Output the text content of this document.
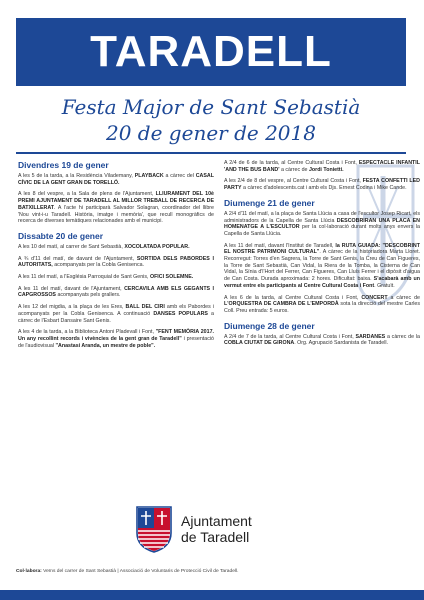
TARADELL
Festa Major de Sant Sebastià
20 de gener de 2018
Divendres 19 de gener
A les 5 de la tarda, a la Residència Vilademany, PLAYBACK a càrrec del CASAL CÍVIC DE LA GENT GRAN DE TORELLÓ.
A les 8 del vespre, a la Sala de plens de l'Ajuntament, LLIURAMENT DEL 10è PREMI AJUNTAMENT DE TARADELL AL MILLOR TREBALL DE RECERCA DE BATXILLERAT. A l'acte hi participarà Salvador Solagran, coordinador del llibre 'Nou vint-i-u Taradell. Història, imatge i memòria', que recull monogràfics de recerca de diverses temàtiques relacionades amb el municipi.
Dissabte 20 de gener
A les 10 del matí, al carrer de Sant Sebastià, XOCOLATADA POPULAR.
A ¾ d'11 del matí, de davant de l'Ajuntament, SORTIDA DELS PABORDES I AUTORITATS, acompanyats per la Cobla Genisenca.
A les 11 del matí, a l'Església Parroquial de Sant Genis, OFICI SOLEMNE.
A les 11 del matí, davant de l'Ajuntament, CERCAVILA AMB ELS GEGANTS I CAPGROSSOS acompanyats pels grallers.
A les 12 del migdia, a la plaça de les Eres, BALL DEL CIRI amb els Pabordes i acompanyats per la Cobla Genisenca. A continuació DANSES POPULARS a càrrec de l'Esbart Dansaire Sant Genis.
A les 4 de la tarda, a la Biblioteca Antoni Pladevall i Font, "FENT MEMÒRIA 2017. Un any recollint records i vivències de la gent gran de Taradell" i presentació de l'audiovisual "Anastasi Aranda, un mestre de poble".
A 2/4 de 6 de la tarda, al Centre Cultural Costa i Font, ESPECTACLE INFANTIL 'AND THE BUS BAND' a càrrec de Jordi Tonietti.
A les 2/4 de 8 del vespre, al Centre Cultural Costa i Font, FESTA CONFETTI LED PARTY a càrrec d'adolescents.cat i amb els Djs. Ernest Codina i Mike Cande.
Diumenge 21 de gener
A 2/4 d'11 del matí, a la plaça de Santa Llúcia a casa de l'escultor Josep Ricart, els administradors de la Capella de Santa Llúcia DESCOBRIRAN UNA PLACA EN HOMENATGE A L'ESCULTOR per la col·laboració durant molts anys envers la Capella de Santa Llúcia.
A les 11 del matí, davant l'Institut de Taradell, la RUTA GUIADA: "DESCOBRINT EL NOSTRE PATRIMONI CULTURAL". A càrrec de la historiadora Marta Lloret. Recorregut: Torres d'en Sagrera, la Torre de Sant Genis, la Creu de Can Figueres, la Torre de Sant Sebastià, Can Vidal, la Riera de la Tomba, la Cisterna de Can Vidal, la Sínia d'l'Hort del Ferrer, Can Figueres, Can Lluís Ferrer i el dipòsit d'aigua de Can Costa. Durada aproximada: 2 hores. Dificultat: baixa. S'acabarà amb un vermut entre els participants al Centre Cultural Costa i Font. Gratuït.
A les 6 de la tarda, al Centre Cultural Costa i Font, CONCERT a càrrec de L'ORQUESTRA DE CAMBRA DE L'EMPORDÀ sota la direcció del mestre Carles Coll. Preu entrada: 5 euros.
Diumenge 28 de gener
A 2/4 de 7 de la tarda, al Centre Cultural Costa i Font, SARDANES a càrrec de la COBLA CIUTAT DE GIRONA. Org. Agrupació Sardanista de Taradell.
Ajuntament
de Taradell
Col·labora: Veïns del carrer de Sant Sebastià | Associació de Voluntaris de Protecció Civil de Taradell.
